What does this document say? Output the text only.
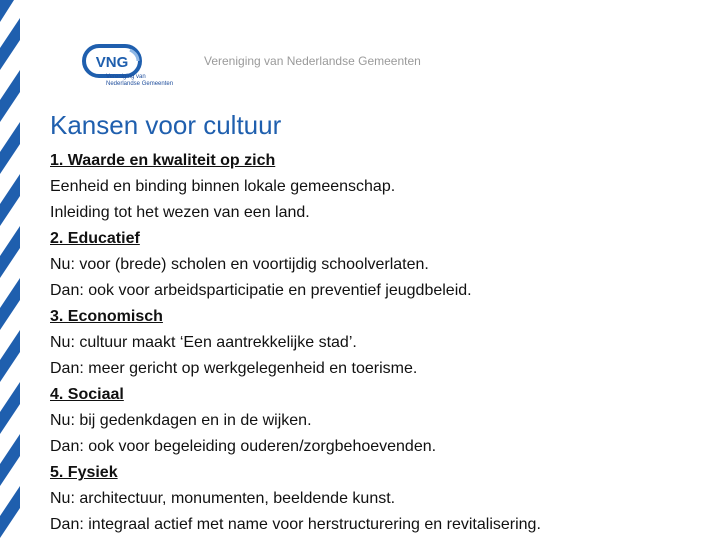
VNG
Vereniging van
Nederlandse Gemeenten
Vereniging van Nederlandse Gemeenten
Kansen voor cultuur
1. Waarde en kwaliteit op zich
Eenheid en binding binnen lokale gemeenschap.
Inleiding tot het wezen van een land.
2. Educatief
Nu: voor (brede) scholen en voortijdig schoolverlaten.
Dan: ook voor arbeidsparticipatie en preventief jeugdbeleid.
3. Economisch
Nu: cultuur maakt ‘Een aantrekkelijke stad’.
Dan: meer gericht op werkgelegenheid en toerisme.
4. Sociaal
Nu: bij gedenkdagen en in de wijken.
Dan: ook voor begeleiding ouderen/zorgbehoevenden.
5. Fysiek
Nu: architectuur, monumenten, beeldende kunst.
Dan: integraal actief met name voor herstructurering en revitalisering.
